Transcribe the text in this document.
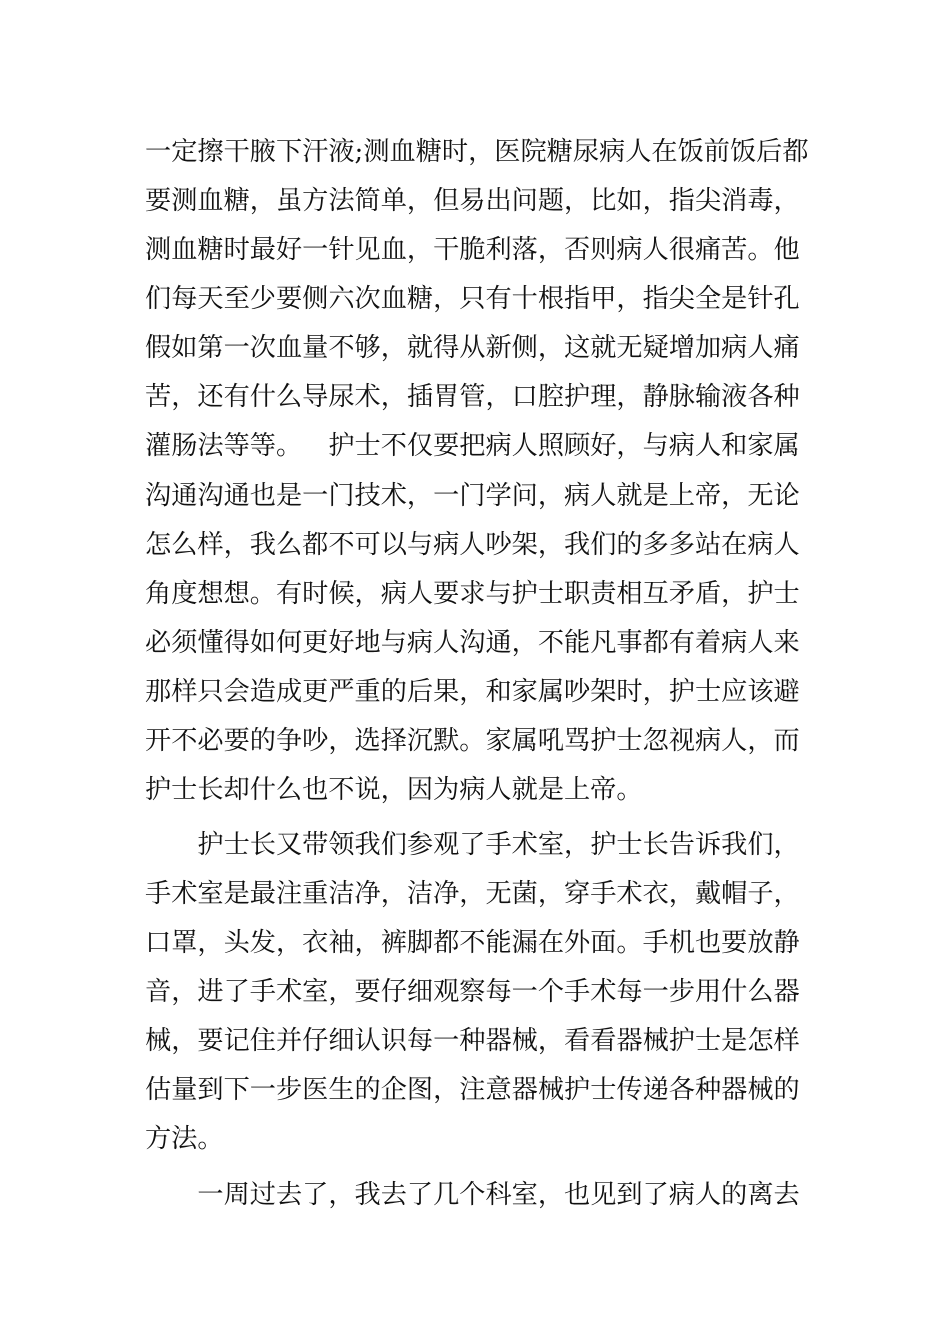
一 定 擦 干 腋 下 汗 液 ; 测 血 糖 时 ， 医 院 糖 尿 病 人 在 饭 前 饭 后 都
要 测 血 糖 ， 虽 方 法 简 单 ， 但 易 出 问 题 ， 比 如 ， 指 尖 消 毒 ，
测 血 糖 时 最 好 一 针 见 血 ， 干 脆 利 落 ， 否 则 病 人 很 痛 苦 。 他
们 每 天 至 少 要 侧 六 次 血 糖 ， 只 有 十 根 指 甲 ， 指 尖 全 是 针 孔
假 如 第 一 次 血 量 不 够 ， 就 得 从 新 侧 ， 这 就 无 疑 增 加 病 人 痛
苦 ， 还 有 什 么 导 尿 术 ， 插 胃 管 ， 口 腔 护 理 ， 静 脉 输 液 各 种
灌 肠 法 等 等 。
　 护 士 不 仅 要 把 病 人 照 顾 好 ， 与 病 人 和 家 属
沟 通 沟 通 也 是 一 门 技 术 ， 一 门 学 问 ， 病 人 就 是 上 帝 ， 无 论
怎 么 样 ， 我 么 都 不 可 以 与 病 人 吵 架 ， 我 们 的 多 多 站 在 病 人
角 度 想 想 。 有 时 候 ， 病 人 要 求 与 护 士 职 责 相 互 矛 盾 ， 护 士
必 须 懂 得 如 何 更 好 地 与 病 人 沟 通 ， 不 能 凡 事 都 有 着 病 人 来
那 样 只 会 造 成 更 严 重 的 后 果 ， 和 家 属 吵 架 时 ， 护 士 应 该 避
开 不 必 要 的 争 吵 ， 选 择 沉 默 。 家 属 吼 骂 护 士 忽 视 病 人 ， 而
护士长却什么也不说，因为病人就是上帝。

护 士 长 又 带 领 我 们 参 观 了 手 术 室 ， 护 士 长 告 诉 我 们 ，
手 术 室 是 最 注 重 洁 净 ， 洁 净 ， 无 菌 ， 穿 手 术 衣 ， 戴 帽 子 ，
口 罩 ， 头 发 ， 衣 袖 ， 裤 脚 都 不 能 漏 在 外 面 。 手 机 也 要 放 静
音 ， 进 了 手 术 室 ， 要 仔 细 观 察 每 一 个 手 术 每 一 步 用 什 么 器
械 ， 要 记 住 并 仔 细 认 识 每 一 种 器 械 ， 看 看 器 械 护 士 是 怎 样
估 量 到 下 一 步 医 生 的 企 图 ， 注 意 器 械 护 士 传 递 各 种 器 械 的
方法。

一 周 过 去 了 ， 我 去 了 几 个 科 室 ， 也 见 到 了 病 人 的 离 去
